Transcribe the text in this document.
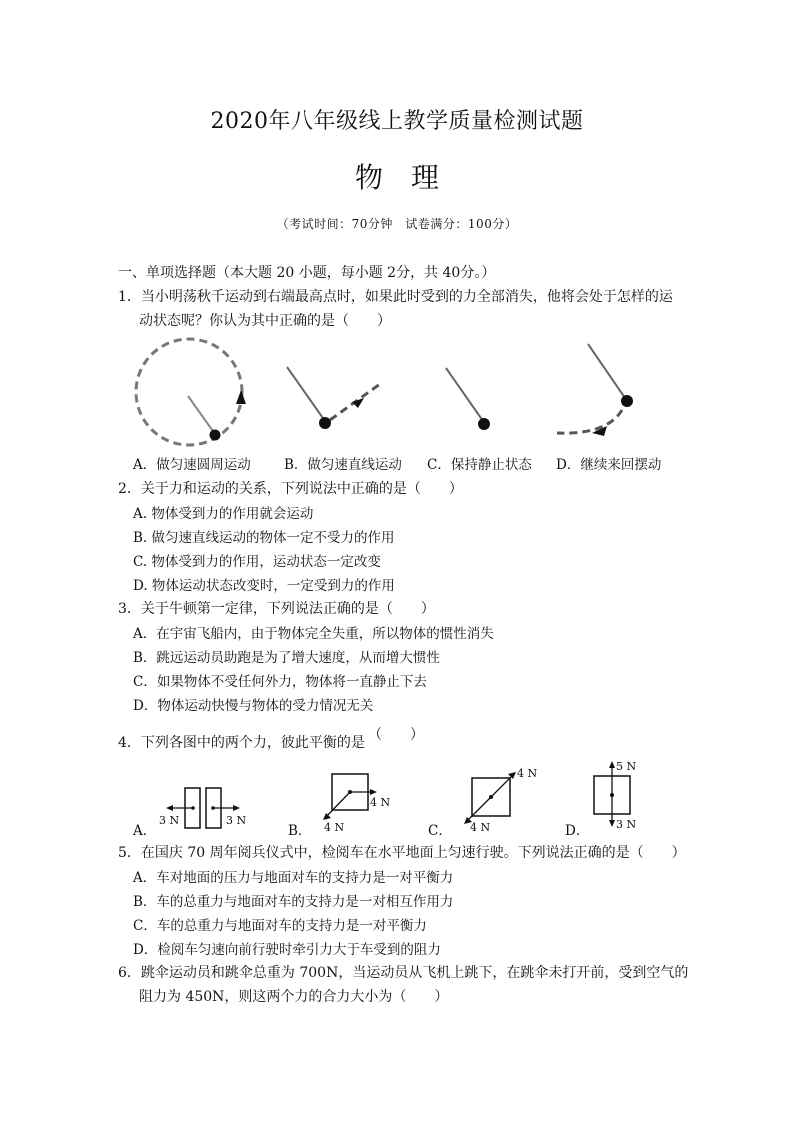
2020年八年级线上教学质量检测试题
物理
（考试时间：70分钟　试卷满分：100分）
一、单项选择题（本大题 20 小题，每小题 2分，共 40分。）
1．当小明荡秋千运动到右端最高点时，如果此时受到的力全部消失，他将会处于怎样的运
动状态呢？你认为其中正确的是（　　）
A．做匀速圆周运动 B．做匀速直线运动 C．保持静止状态 D．继续来回摆动
2．关于力和运动的关系，下列说法中正确的是（　　）
A. 物体受到力的作用就会运动
B. 做匀速直线运动的物体一定不受力的作用
C. 物体受到力的作用，运动状态一定改变
D. 物体运动状态改变时，一定受到力的作用
3．关于牛顿第一定律，下列说法正确的是（　　）
A．在宇宙飞船内，由于物体完全失重，所以物体的惯性消失
B．跳远运动员助跑是为了增大速度，从而增大惯性
C．如果物体不受任何外力，物体将一直静止下去
D．物体运动快慢与物体的受力情况无关
4．下列各图中的两个力，彼此平衡的是 （　　）
A．
3 N	3 N
B．
4 N
4 N	C．
4 N
4 N	D．
5 N
3 N
5．在国庆 70 周年阅兵仪式中，检阅车在水平地面上匀速行驶。下列说法正确的是（　　）
A．车对地面的压力与地面对车的支持力是一对平衡力
B．车的总重力与地面对车的支持力是一对相互作用力
C．车的总重力与地面对车的支持力是一对平衡力
D．检阅车匀速向前行驶时牵引力大于车受到的阻力
6．跳伞运动员和跳伞总重为 700N，当运动员从飞机上跳下，在跳伞未打开前，受到空气的
阻力为 450N，则这两个力的合力大小为（　　）
